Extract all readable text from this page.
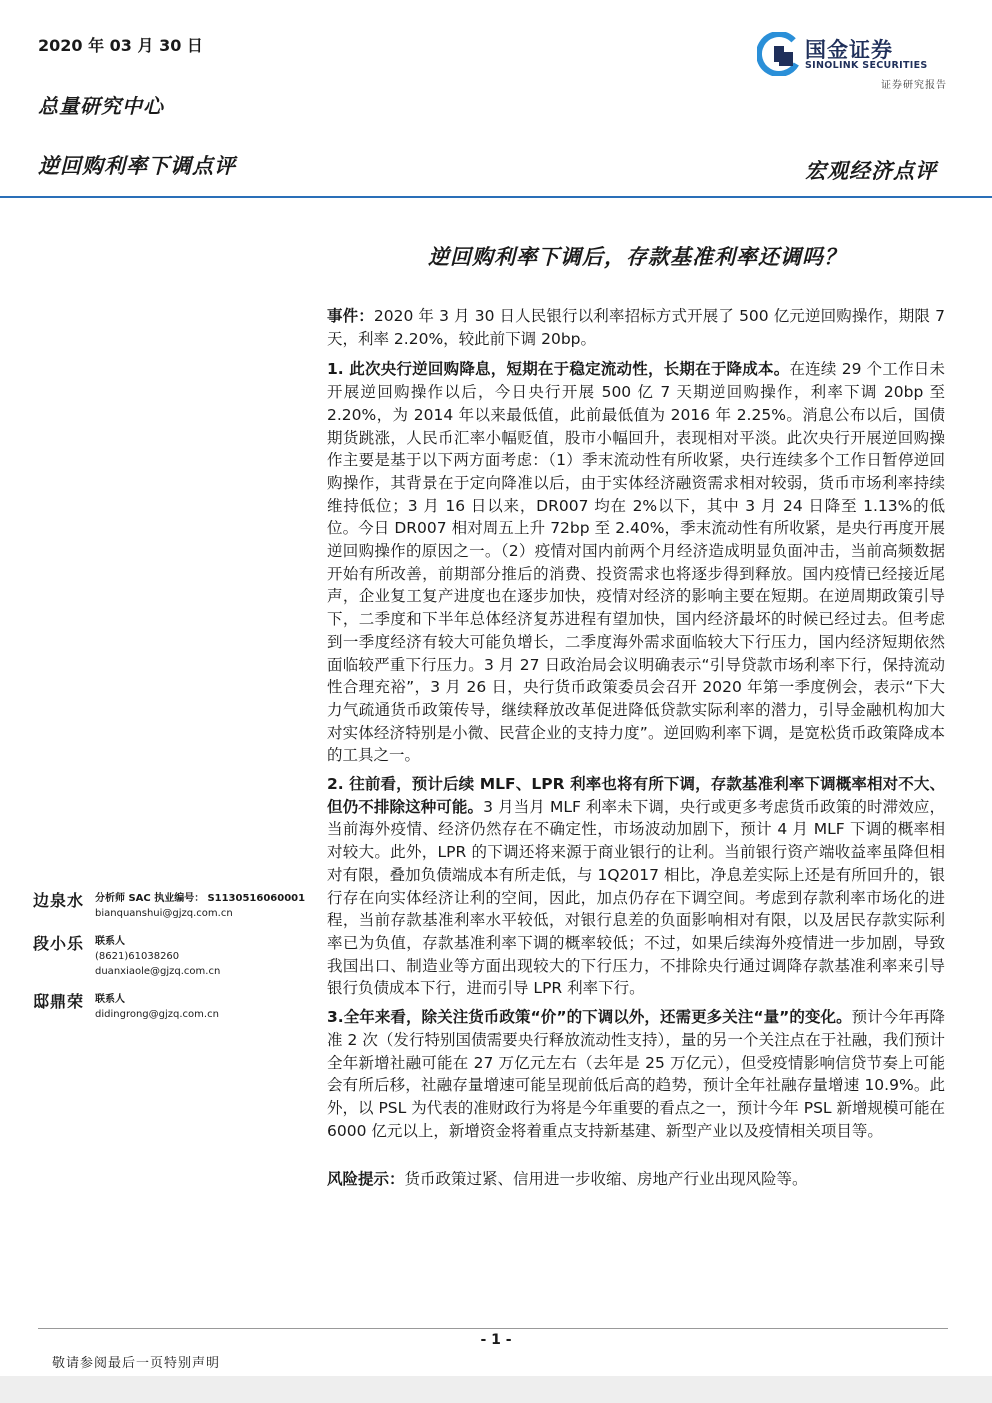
2020 年 03 月 30 日
总量研究中心
逆回购利率下调点评	宏观经济点评
国金证券
SINOLINK SECURITIES
证券研究报告
逆回购利率下调后，存款基准利率还调吗？

事件：2020 年 3 月 30 日人民银行以利率招标方式开展了 500 亿元逆回购操作，期限 7 天，利率 2.20%，较此前下调 20bp。

1. 此次央行逆回购降息，短期在于稳定流动性，长期在于降成本。在连续 29 个工作日未开展逆回购操作以后，今日央行开展 500 亿 7 天期逆回购操作，利率下调 20bp 至 2.20%，为 2014 年以来最低值，此前最低值为 2016 年 2.25%。消息公布以后，国债期货跳涨，人民币汇率小幅贬值，股市小幅回升，表现相对平淡。此次央行开展逆回购操作主要是基于以下两方面考虑：（1）季末流动性有所收紧，央行连续多个工作日暂停逆回购操作，其背景在于定向降准以后，由于实体经济融资需求相对较弱，货币市场利率持续维持低位；3 月 16 日以来，DR007 均在 2%以下，其中 3 月 24 日降至 1.13%的低位。今日 DR007 相对周五上升 72bp 至 2.40%，季末流动性有所收紧，是央行再度开展逆回购操作的原因之一。（2）疫情对国内前两个月经济造成明显负面冲击，当前高频数据开始有所改善，前期部分推后的消费、投资需求也将逐步得到释放。国内疫情已经接近尾声，企业复工复产进度也在逐步加快，疫情对经济的影响主要在短期。在逆周期政策引导下，二季度和下半年总体经济复苏进程有望加快，国内经济最坏的时候已经过去。但考虑到一季度经济有较大可能负增长，二季度海外需求面临较大下行压力，国内经济短期依然面临较严重下行压力。3 月 27 日政治局会议明确表示“引导贷款市场利率下行，保持流动性合理充裕”，3 月 26 日，央行货币政策委员会召开 2020 年第一季度例会，表示“下大力气疏通货币政策传导，继续释放改革促进降低贷款实际利率的潜力，引导金融机构加大对实体经济特别是小微、民营企业的支持力度”。逆回购利率下调，是宽松货币政策降成本的工具之一。

2. 往前看，预计后续 MLF、LPR 利率也将有所下调，存款基准利率下调概率相对不大、但仍不排除这种可能。3 月当月 MLF 利率未下调，央行或更多考虑货币政策的时滞效应，当前海外疫情、经济仍然存在不确定性，市场波动加剧下，预计 4 月 MLF 下调的概率相对较大。此外，LPR 的下调还将来源于商业银行的让利。当前银行资产端收益率虽降但相对有限，叠加负债端成本有所走低，与 1Q2017 相比，净息差实际上还是有所回升的，银行存在向实体经济让利的空间，因此，加点仍存在下调空间。考虑到存款利率市场化的进程，当前存款基准利率水平较低，对银行息差的负面影响相对有限，以及居民存款实际利率已为负值，存款基准利率下调的概率较低；不过，如果后续海外疫情进一步加剧，导致我国出口、制造业等方面出现较大的下行压力，不排除央行通过调降存款基准利率来引导银行负债成本下行，进而引导 LPR 利率下行。

3.全年来看，除关注货币政策“价”的下调以外，还需更多关注“量”的变化。预计今年再降准 2 次（发行特别国债需要央行释放流动性支持），量的另一个关注点在于社融，我们预计全年新增社融可能在 27 万亿元左右（去年是 25 万亿元），但受疫情影响信贷节奏上可能会有所后移，社融存量增速可能呈现前低后高的趋势，预计全年社融存量增速 10.9%。此外，以 PSL 为代表的准财政行为将是今年重要的看点之一，预计今年 PSL 新增规模可能在 6000 亿元以上，新增资金将着重点支持新基建、新型产业以及疫情相关项目等。

风险提示：货币政策过紧、信用进一步收缩、房地产行业出现风险等。

边泉水 分析师 SAC 执业编号： S1130516060001
bianquanshui@gjzq.com.cn
段小乐 联系人
(8621)61038260
duanxiaole@gjzq.com.cn
邸鼎荣 联系人
didingrong@gjzq.com.cn
- 1 -
敬请参阅最后一页特别声明
